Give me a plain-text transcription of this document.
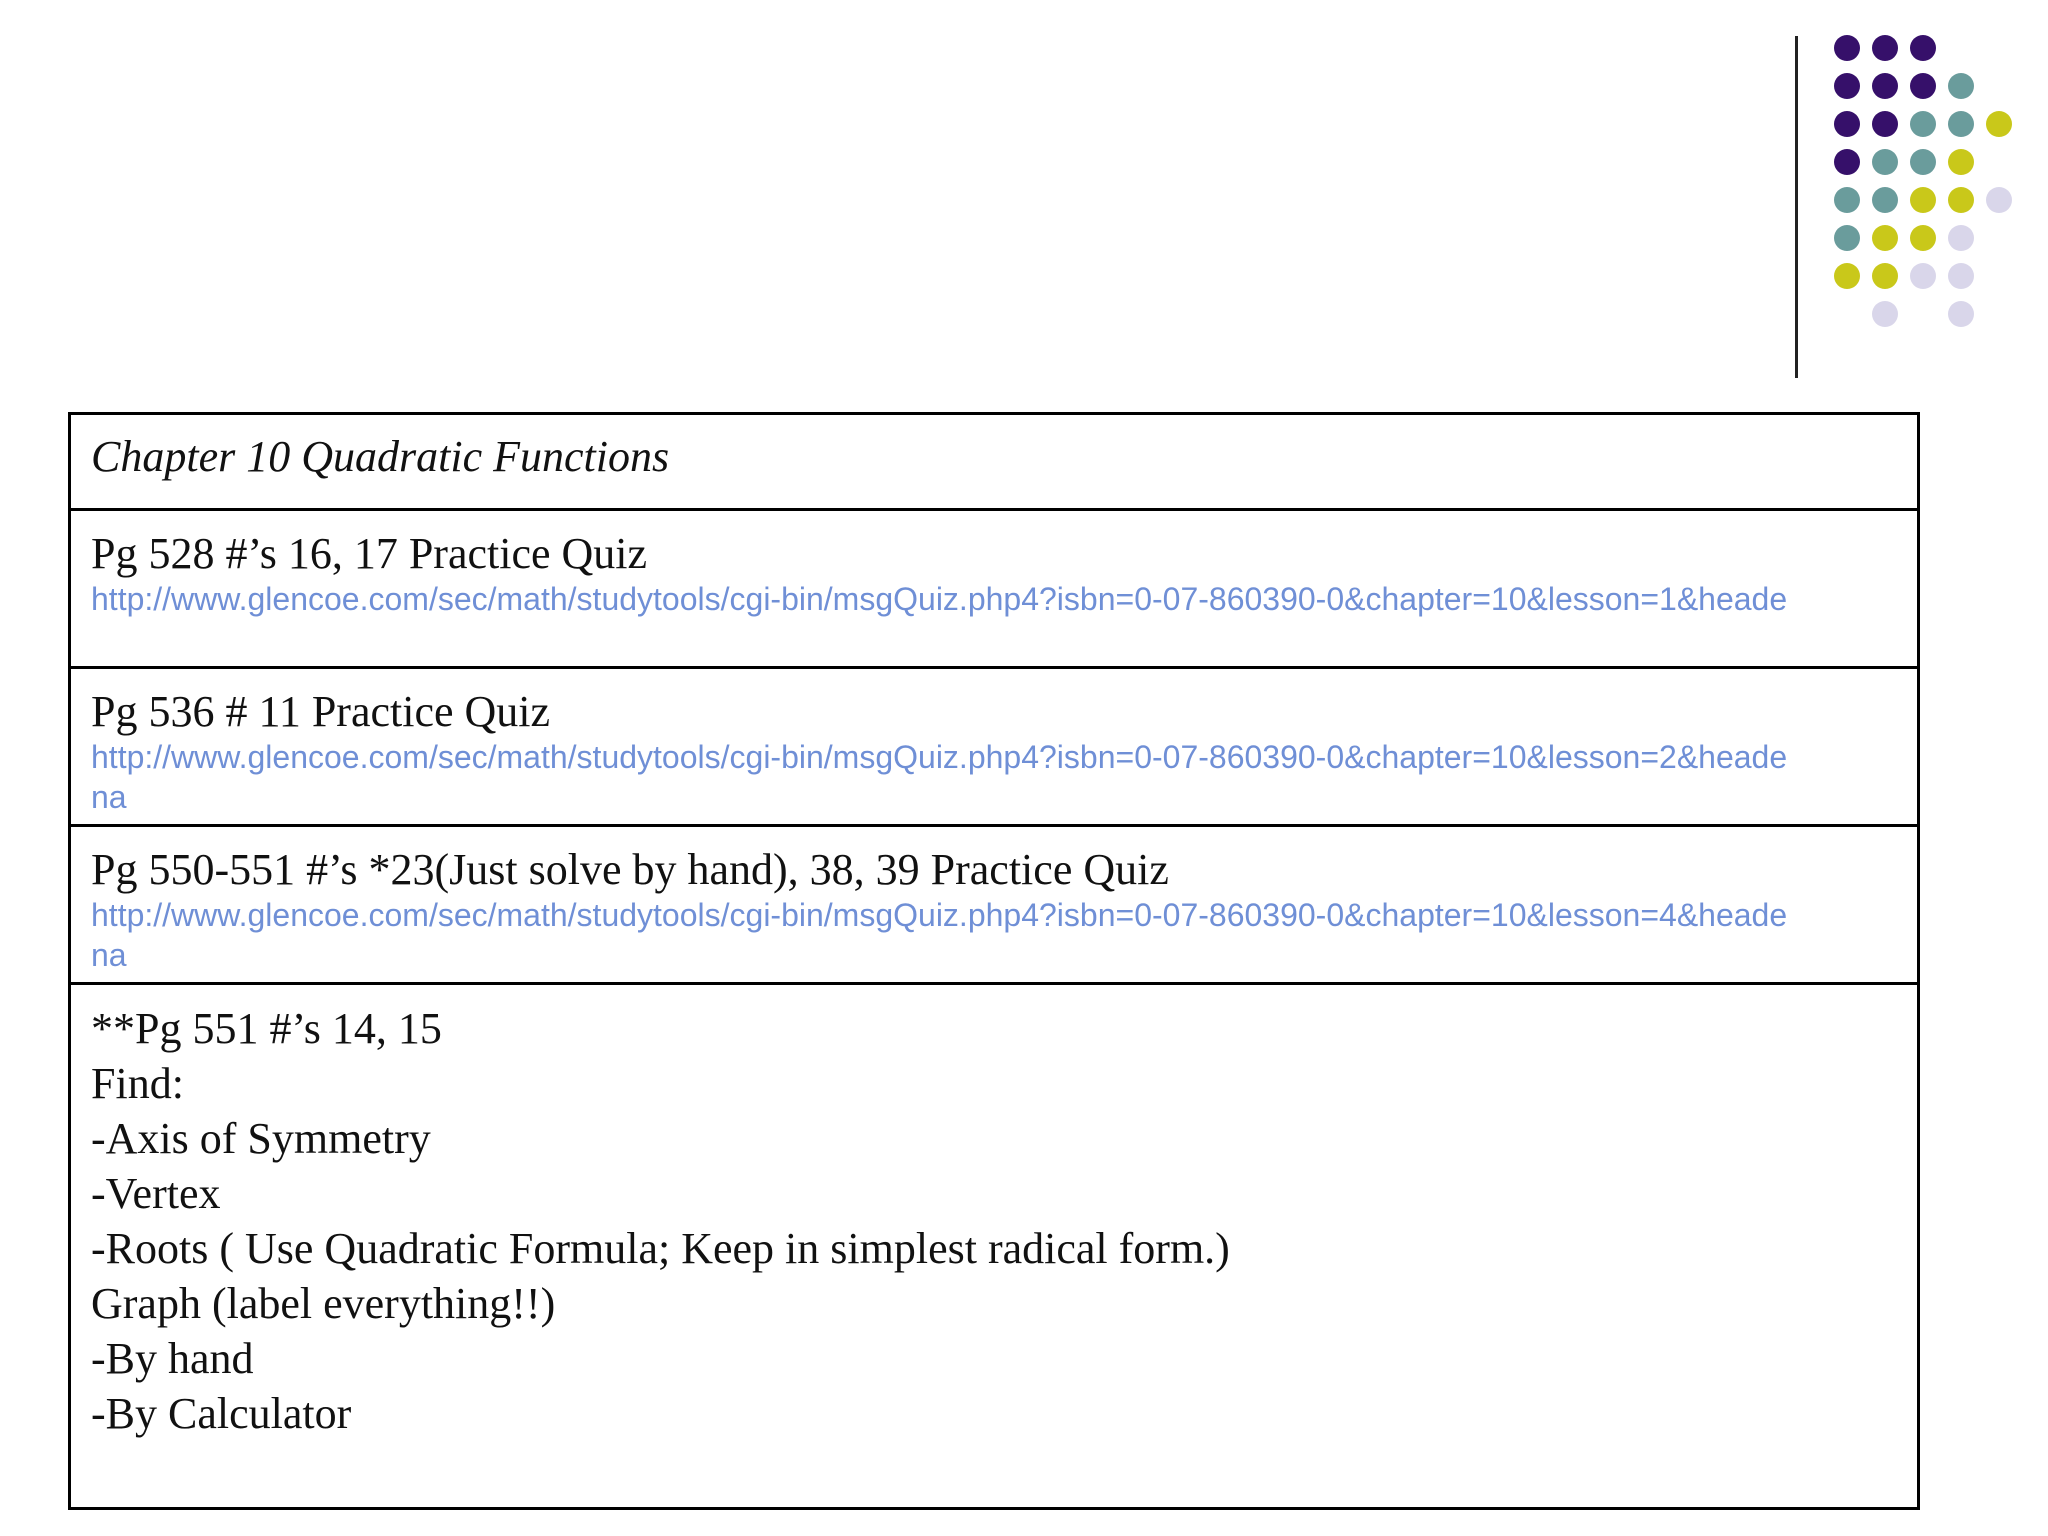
Chapter 10 Quadratic Functions
Pg 528 #’s 16, 17 Practice Quiz
http://www.glencoe.com/sec/math/studytools/cgi-bin/msgQuiz.php4?isbn=0-07-860390-0&chapter=10&lesson=1&heade
Pg 536 # 11 Practice Quiz
http://www.glencoe.com/sec/math/studytools/cgi-bin/msgQuiz.php4?isbn=0-07-860390-0&chapter=10&lesson=2&heade
na
Pg 550-551 #’s *23(Just solve by hand), 38, 39 Practice Quiz
http://www.glencoe.com/sec/math/studytools/cgi-bin/msgQuiz.php4?isbn=0-07-860390-0&chapter=10&lesson=4&heade
na
**Pg 551 #’s 14, 15
Find:
-Axis of Symmetry
-Vertex
-Roots ( Use Quadratic Formula; Keep in simplest radical form.)
Graph (label everything!!)
-By hand
-By Calculator
